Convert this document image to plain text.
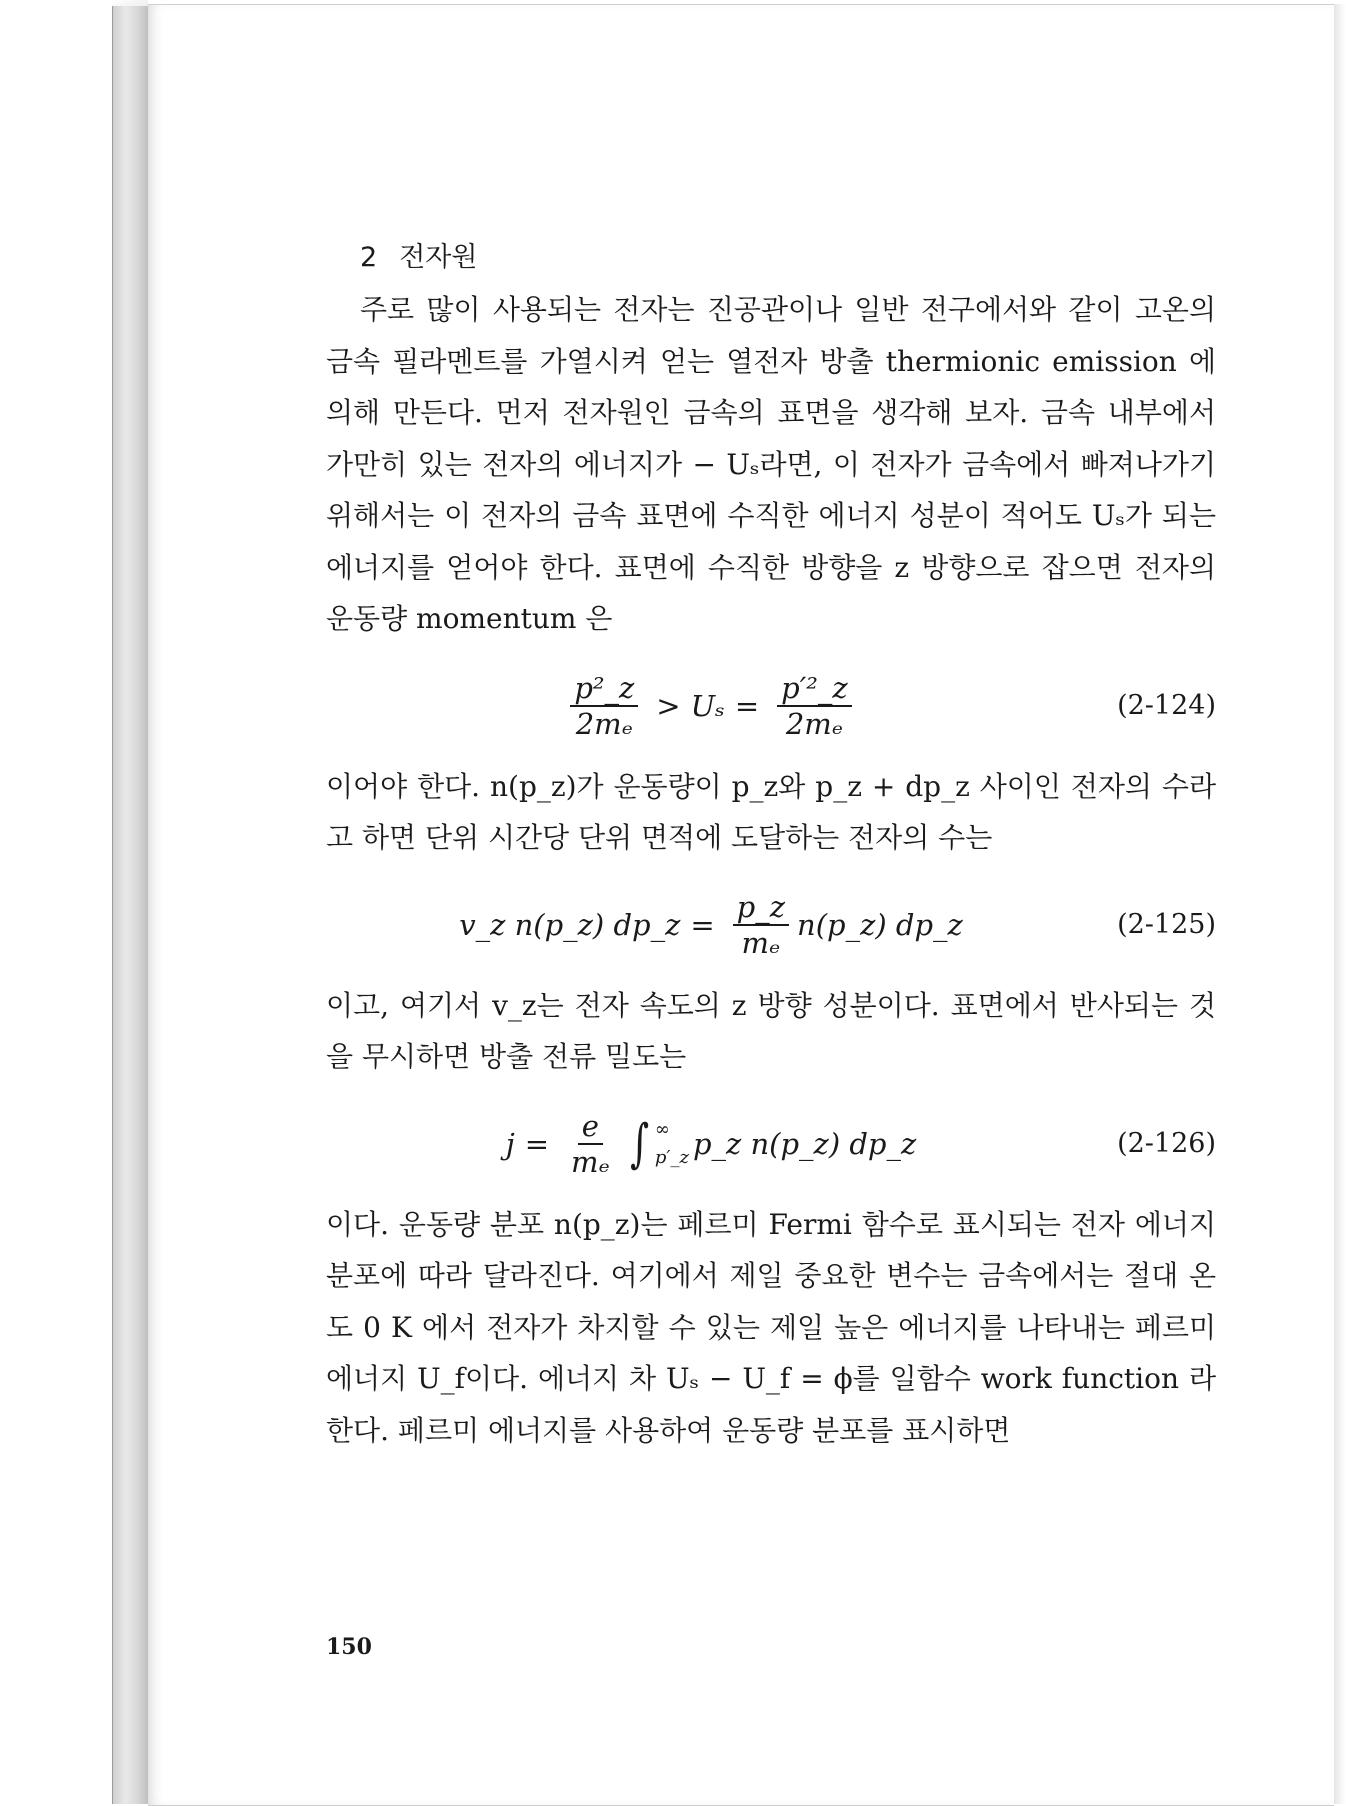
2 전자원

주로 많이 사용되는 전자는 진공관이나 일반 전구에서와 같이 고온의 금속 필라멘트를 가열시켜 얻는 열전자 방출 thermionic emission 에 의해 만든다. 먼저 전자원인 금속의 표면을 생각해 보자. 금속 내부에서 가만히 있는 전자의 에너지가 − Uₛ라면, 이 전자가 금속에서 빠져나가기 위해서는 이 전자의 금속 표면에 수직한 에너지 성분이 적어도 Uₛ가 되는 에너지를 얻어야 한다. 표면에 수직한 방향을 z 방향으로 잡으면 전자의 운동량 momentum 은

$\frac{\text{p²\_z}}{\text{2mₑ}} > U_s = \frac{\text{p′²\_z}}{\text{2mₑ}}$	(2-124)

이어야 한다. n(p_z)가 운동량이 p_z와 p_z + dp_z 사이인 전자의 수라고 하면 단위 시간당 단위 면적에 도달하는 전자의 수는

v_z n(p_z) dp_z = $\frac{p\_z}{\text{mₑ}}$ n(p_z) dp_z	(2-125)

이고, 여기서 v_z는 전자 속도의 z 방향 성분이다. 표면에서 반사되는 것을 무시하면 방출 전류 밀도는

$j = \frac{e}{\text{mₑ}}$ ∫ ∞
p′_z p_z n(p_z) dp_z	(2-126)

이다. 운동량 분포 n(p_z)는 페르미 Fermi 함수로 표시되는 전자 에너지 분포에 따라 달라진다. 여기에서 제일 중요한 변수는 금속에서는 절대 온도 0 K 에서 전자가 차지할 수 있는 제일 높은 에너지를 나타내는 페르미 에너지 U_f이다. 에너지 차 Uₛ − U_f = ϕ를 일함수 work function 라 한다. 페르미 에너지를 사용하여 운동량 분포를 표시하면

150
